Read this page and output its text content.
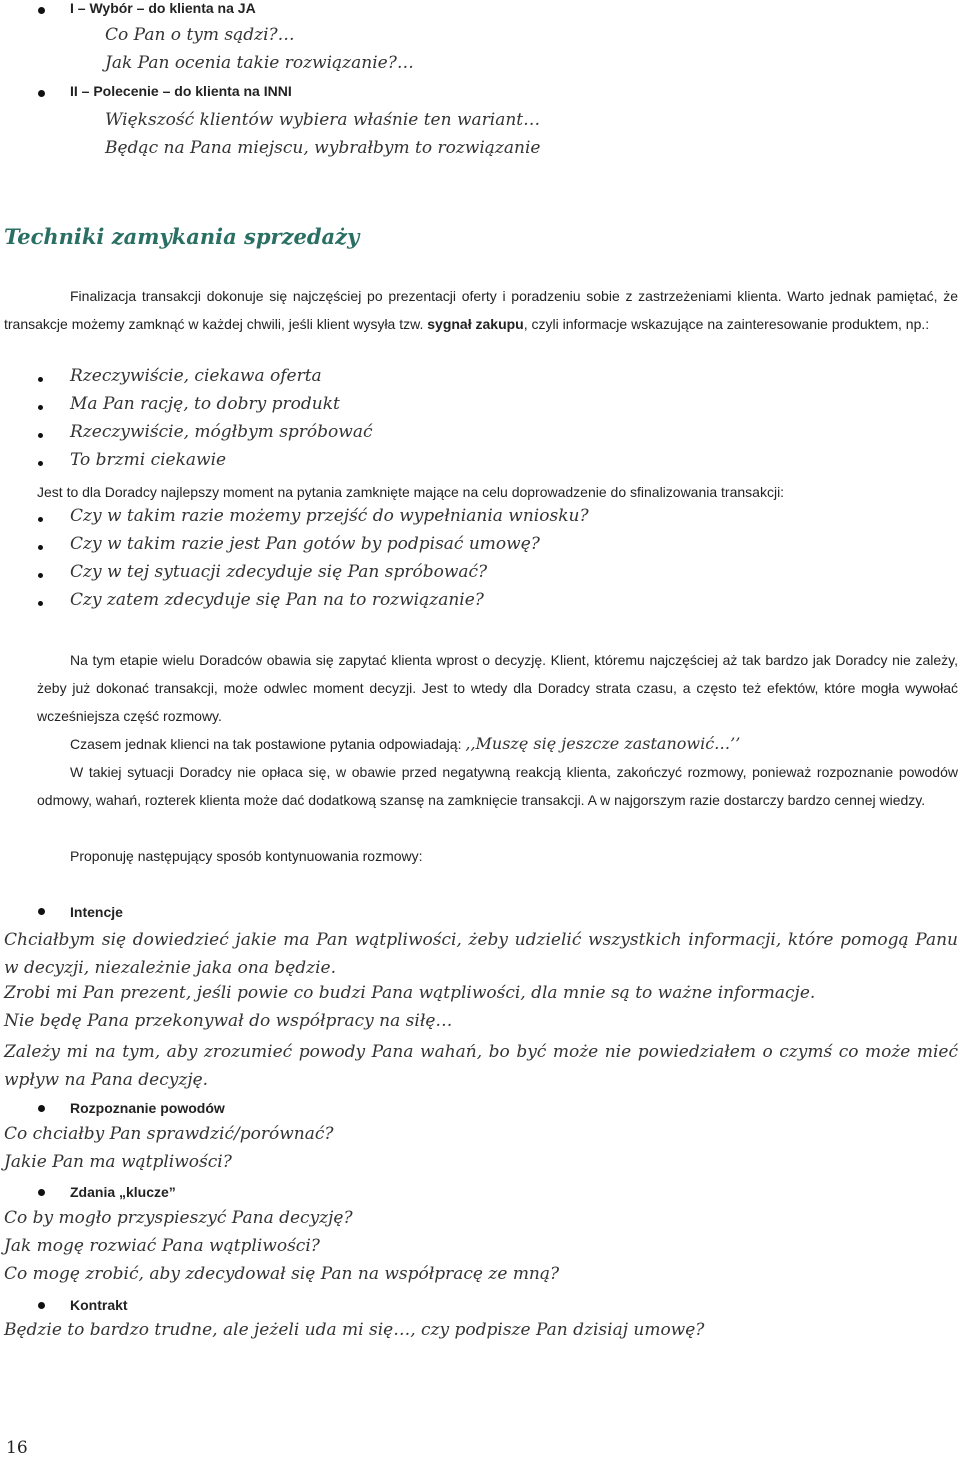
I – Wybór – do klienta na JA
Co Pan o tym sądzi?…
Jak Pan ocenia takie rozwiązanie?…
II – Polecenie – do klienta na INNI
Większość klientów wybiera właśnie ten wariant…
Będąc na Pana miejscu, wybrałbym to rozwiązanie
Techniki zamykania sprzedaży
Finalizacja transakcji dokonuje się najczęściej po prezentacji oferty i poradzeniu sobie z zastrzeżeniami klienta. Warto jednak pamiętać, że transakcje możemy zamknąć w każdej chwili, jeśli klient wysyła tzw. sygnał zakupu, czyli informacje wskazujące na zainteresowanie produktem, np.:
Rzeczywiście, ciekawa oferta
Ma Pan rację, to dobry produkt
Rzeczywiście, mógłbym spróbować
To brzmi ciekawie
Jest to dla Doradcy najlepszy moment na pytania zamknięte mające na celu doprowadzenie do sfinalizowania transakcji:
Czy w takim razie możemy przejść do wypełniania wniosku?
Czy w takim razie jest Pan gotów by podpisać umowę?
Czy w tej sytuacji zdecyduje się Pan spróbować?
Czy zatem zdecyduje się Pan na to rozwiązanie?
Na tym etapie wielu Doradców obawia się zapytać klienta wprost o decyzję. Klient, któremu najczęściej aż tak bardzo jak Doradcy nie zależy, żeby już dokonać transakcji, może odwlec moment decyzji. Jest to wtedy dla Doradcy strata czasu, a często też efektów, które mogła wywołać wcześniejsza część rozmowy.
Czasem jednak klienci na tak postawione pytania odpowiadają: ,,Muszę się jeszcze zastanowić…’’
W takiej sytuacji Doradcy nie opłaca się, w obawie przed negatywną reakcją klienta, zakończyć rozmowy, ponieważ rozpoznanie powodów odmowy, wahań, rozterek klienta może dać dodatkową szansę na zamknięcie transakcji. A w najgorszym razie dostarczy bardzo cennej wiedzy.
Proponuję następujący sposób kontynuowania rozmowy:
Intencje
Chciałbym się dowiedzieć jakie ma Pan wątpliwości, żeby udzielić wszystkich informacji, które pomogą Panu w decyzji, niezależnie jaka ona będzie.
Zrobi mi Pan prezent, jeśli powie co budzi Pana wątpliwości, dla mnie są to ważne informacje.
Nie będę Pana przekonywał do współpracy na siłę…
Zależy mi na tym, aby zrozumieć powody Pana wahań, bo być może nie powiedziałem o czymś co może mieć wpływ na Pana decyzję.
Rozpoznanie powodów
Co chciałby Pan sprawdzić/porównać?
Jakie Pan ma wątpliwości?
Zdania „klucze”
Co by mogło przyspieszyć Pana decyzję?
Jak mogę rozwiać Pana wątpliwości?
Co mogę zrobić, aby zdecydował się Pan na współpracę ze mną?
Kontrakt
Będzie to bardzo trudne, ale jeżeli uda mi się…, czy podpisze Pan dzisiaj umowę?
16
